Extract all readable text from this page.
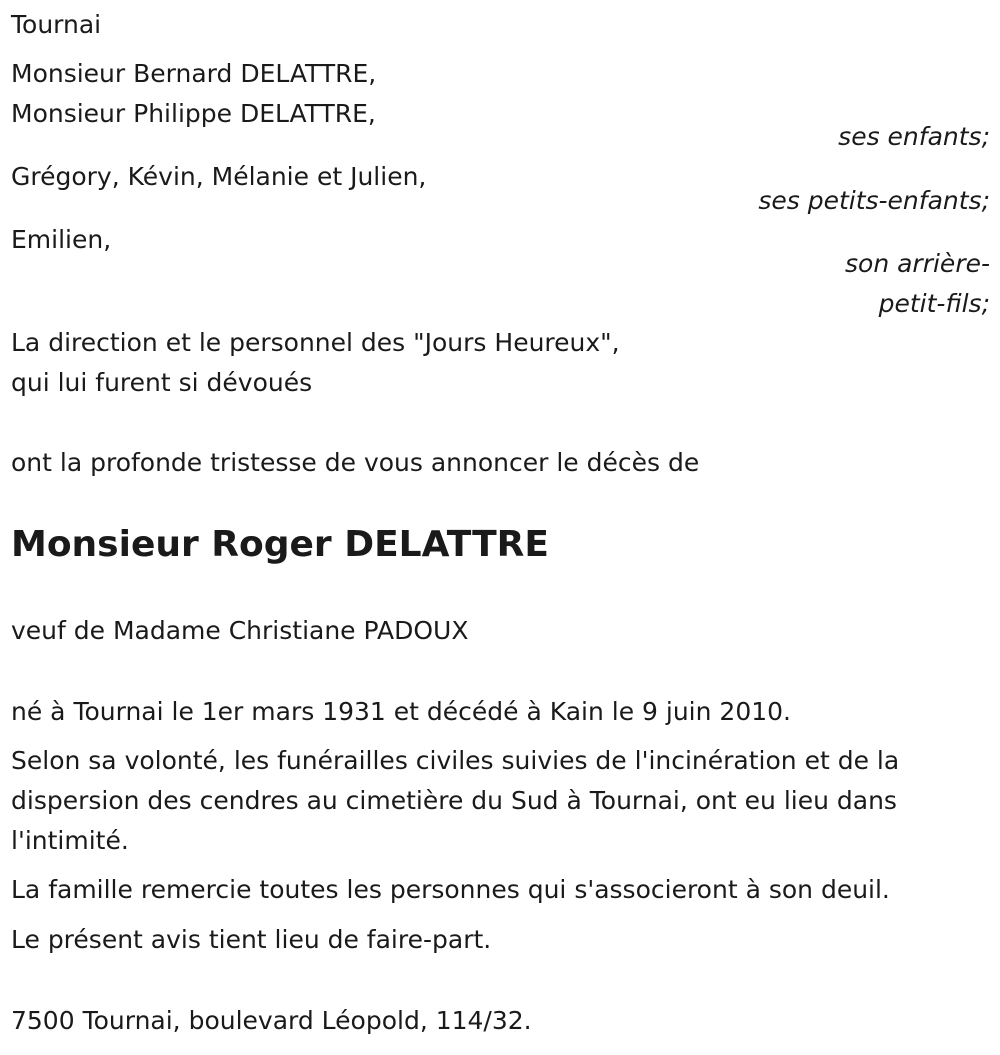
Tournai
Monsieur Bernard DELATTRE,
Monsieur Philippe DELATTRE,
ses enfants;
Grégory, Kévin, Mélanie et Julien,
ses petits-enfants;
Emilien,
son arrière-
petit-fils;
La direction et le personnel des "Jours Heureux",
qui lui furent si dévoués
ont la profonde tristesse de vous annoncer le décès de
Monsieur Roger DELATTRE
veuf de Madame Christiane PADOUX
né à Tournai le 1er mars 1931 et décédé à Kain le 9 juin 2010.
Selon sa volonté, les funérailles civiles suivies de l'incinération et de la dispersion des cendres au cimetière du Sud à Tournai, ont eu lieu dans l'intimité.
La famille remercie toutes les personnes qui s'associeront à son deuil.
Le présent avis tient lieu de faire-part.
7500 Tournai, boulevard Léopold, 114/32.
